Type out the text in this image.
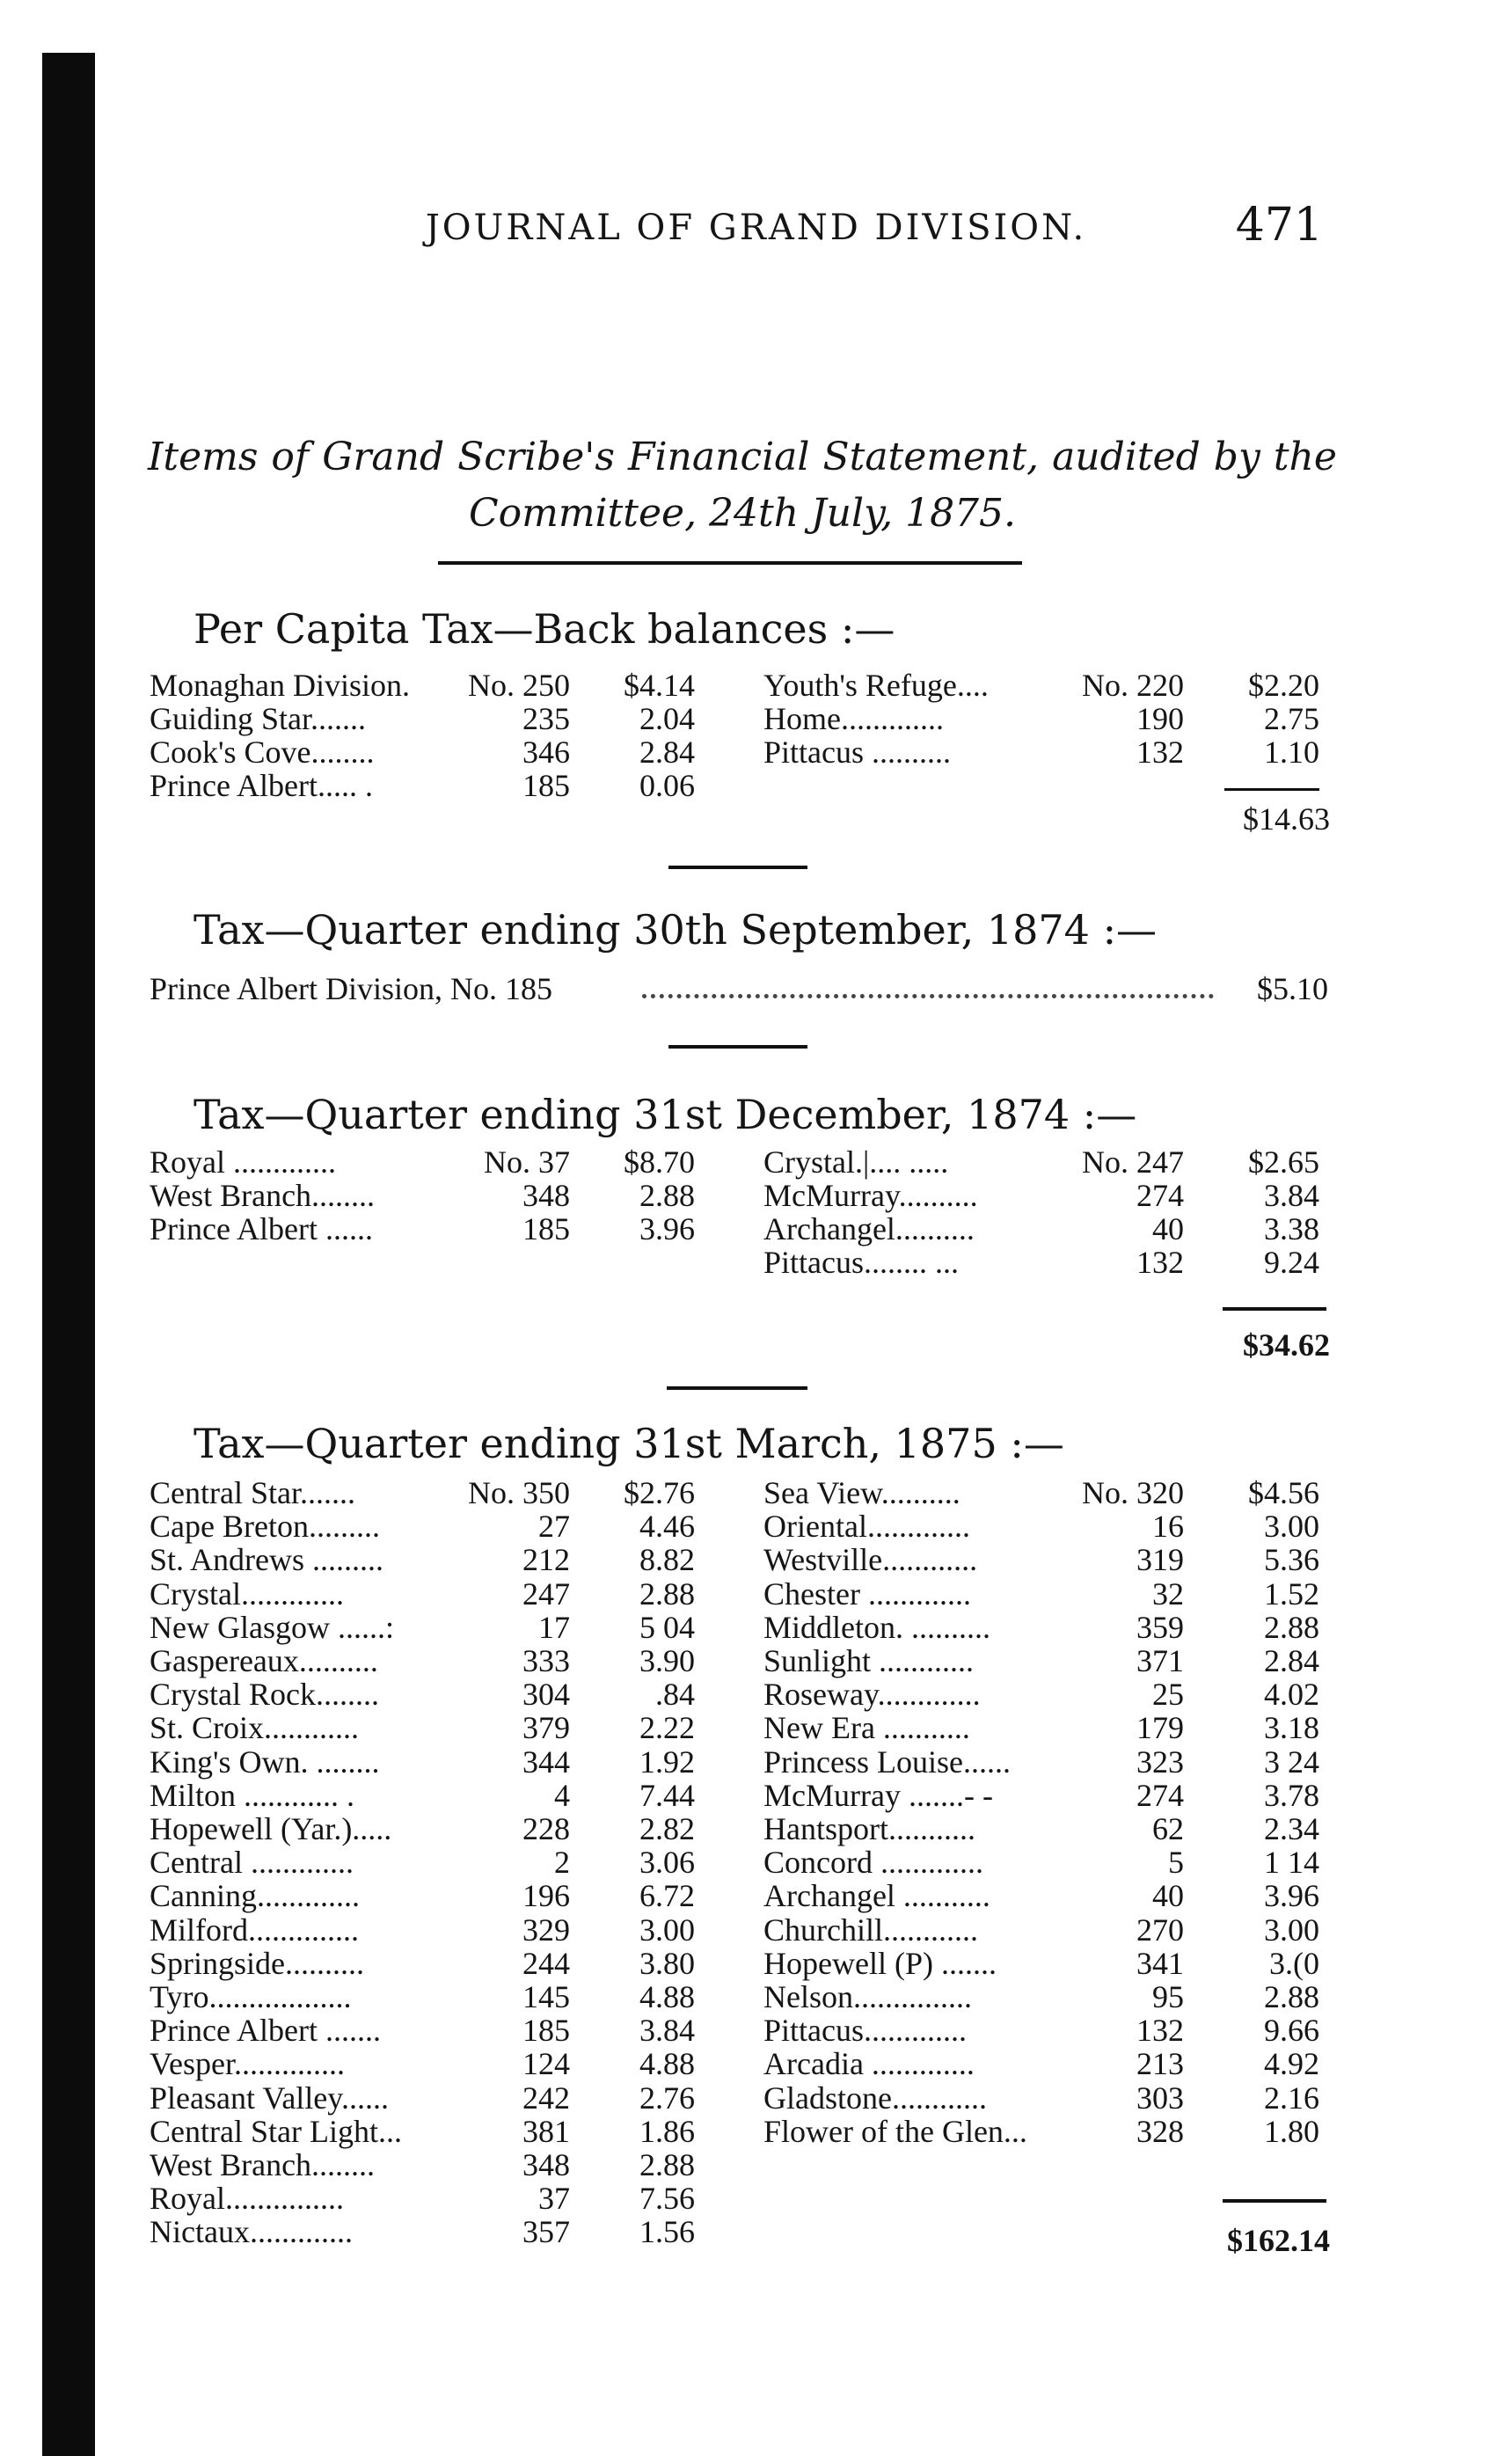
JOURNAL OF GRAND DIVISION.	471
Items of Grand Scribe's Financial Statement, audited by the
Committee, 24th July, 1875.
Per Capita Tax—Back balances :—
Monaghan Division. No. 250	$4.14
Guiding Star.......	235	2.04
Cook's Cove........	346	2.84
Prince Albert..... .	185	0.06
Youth's Refuge....	No. 220	$2.20
Home.............	190	2.75
Pittacus ..........	132	1.10
$14.63
Tax—Quarter ending 30th September, 1874 :—
Prince Albert Division, No. 185	$5.10
Tax—Quarter ending 31st December, 1874 :—
Royal .............	No. 37	$8.70
West Branch........	348	2.88
Prince Albert ......	185	3.96
Crystal.|.... .....	No. 247	$2.65
McMurray..........	274	3.84
Archangel..........	40	3.38
Pittacus........ ...	132	9.24
$34.62
Tax—Quarter ending 31st March, 1875 :—
Central Star.......	No. 350	$2.76
Cape Breton.........	27	4.46
St. Andrews .........	212	8.82
Crystal.............	247	2.88
New Glasgow ......:	17	5 04
Gaspereaux..........	333	3.90
Crystal Rock........	304	.84
St. Croix............	379	2.22
King's Own. ........	344	1.92
Milton ............ .	4	7.44
Hopewell (Yar.).....	228	2.82
Central .............	2	3.06
Canning.............	196	6.72
Milford..............	329	3.00
Springside..........	244	3.80
Tyro..................	145	4.88
Prince Albert .......	185	3.84
Vesper..............	124	4.88
Pleasant Valley......	242	2.76
Central Star Light...	381	1.86
West Branch........	348	2.88
Royal...............	37	7.56
Nictaux.............	357	1.56
Sea View..........	No. 320	$4.56
Oriental.............	16	3.00
Westville............	319	5.36
Chester .............	32	1.52
Middleton. ..........	359	2.88
Sunlight ............	371	2.84
Roseway.............	25	4.02
New Era ...........	179	3.18
Princess Louise......	323	3 24
McMurray .......- -	274	3.78
Hantsport...........	62	2.34
Concord .............	5	1 14
Archangel ...........	40	3.96
Churchill............	270	3.00
Hopewell (P) .......	341	3.(0
Nelson...............	95	2.88
Pittacus.............	132	9.66
Arcadia .............	213	4.92
Gladstone............	303	2.16
Flower of the Glen...	328	1.80
$162.14
